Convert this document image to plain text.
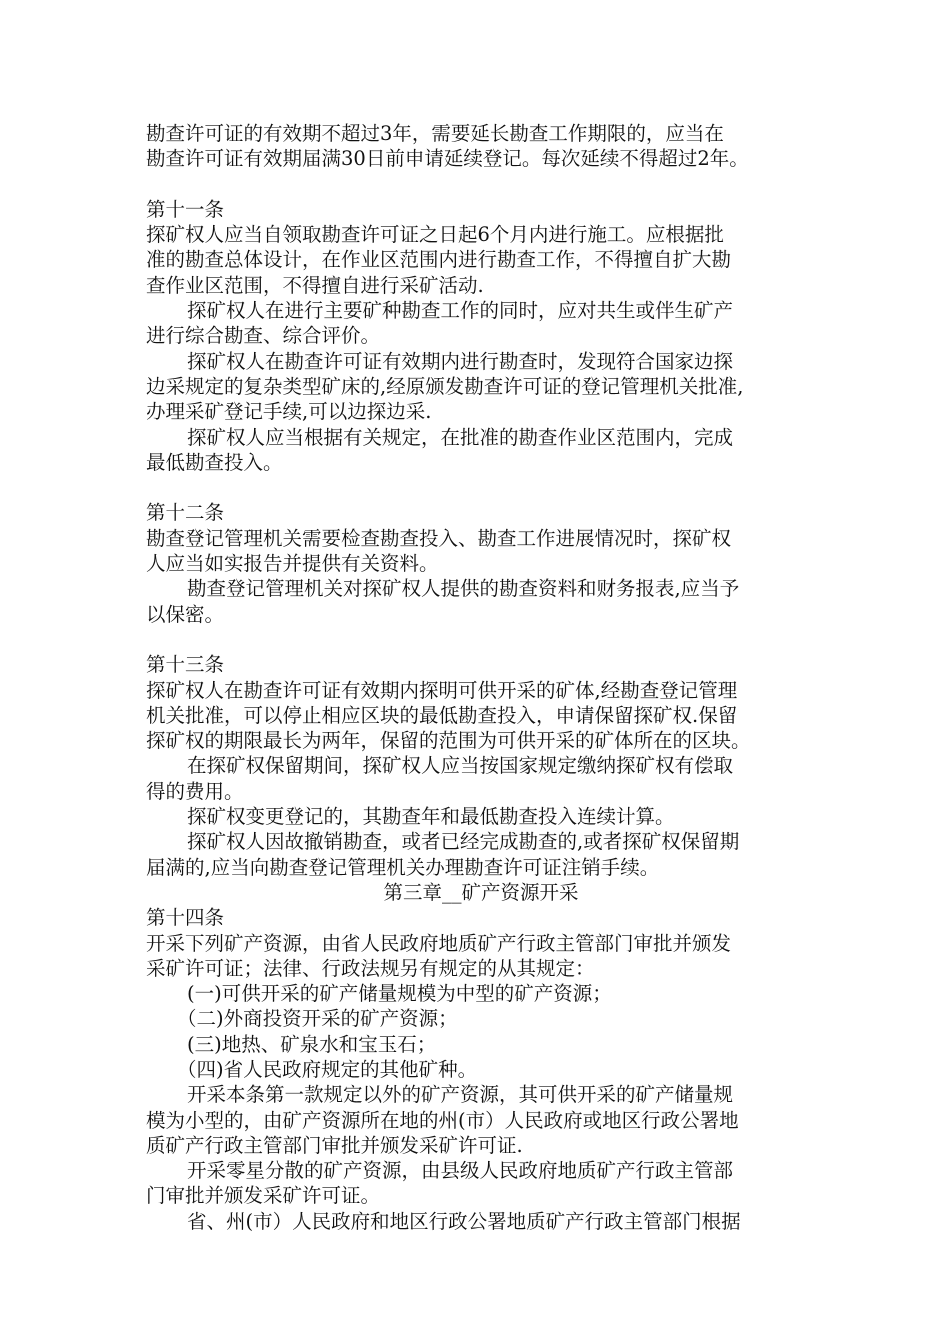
勘查许可证的有效期不超过3年，需要延长勘查工作期限的，应当在
勘查许可证有效期届满30日前申请延续登记。每次延续不得超过2年。
第十一条
探矿权人应当自领取勘查许可证之日起6个月内进行施工。应根据批
准的勘查总体设计，在作业区范围内进行勘查工作，不得擅自扩大勘
查作业区范围，不得擅自进行采矿活动.
探矿权人在进行主要矿种勘查工作的同时，应对共生或伴生矿产
进行综合勘查、综合评价。
探矿权人在勘查许可证有效期内进行勘查时，发现符合国家边探
边采规定的复杂类型矿床的,经原颁发勘查许可证的登记管理机关批准,
办理采矿登记手续,可以边探边采.
探矿权人应当根据有关规定，在批准的勘查作业区范围内，完成
最低勘查投入。
第十二条
勘查登记管理机关需要检查勘查投入、勘查工作进展情况时，探矿权
人应当如实报告并提供有关资料。
勘查登记管理机关对探矿权人提供的勘查资料和财务报表,应当予
以保密。
第十三条
探矿权人在勘查许可证有效期内探明可供开采的矿体,经勘查登记管理
机关批准，可以停止相应区块的最低勘查投入，申请保留探矿权.保留
探矿权的期限最长为两年，保留的范围为可供开采的矿体所在的区块。
在探矿权保留期间，探矿权人应当按国家规定缴纳探矿权有偿取
得的费用。
探矿权变更登记的，其勘查年和最低勘查投入连续计算。
探矿权人因故撤销勘查，或者已经完成勘查的,或者探矿权保留期
届满的,应当向勘查登记管理机关办理勘查许可证注销手续。
第三章__矿产资源开采
第十四条
开采下列矿产资源，由省人民政府地质矿产行政主管部门审批并颁发
采矿许可证；法律、行政法规另有规定的从其规定：
(一)可供开采的矿产储量规模为中型的矿产资源；
（二)外商投资开采的矿产资源；
(三)地热、矿泉水和宝玉石；
（四)省人民政府规定的其他矿种。
开采本条第一款规定以外的矿产资源，其可供开采的矿产储量规
模为小型的，由矿产资源所在地的州(市）人民政府或地区行政公署地
质矿产行政主管部门审批并颁发采矿许可证.
开采零星分散的矿产资源，由县级人民政府地质矿产行政主管部
门审批并颁发采矿许可证。
省、州(市）人民政府和地区行政公署地质矿产行政主管部门根据
